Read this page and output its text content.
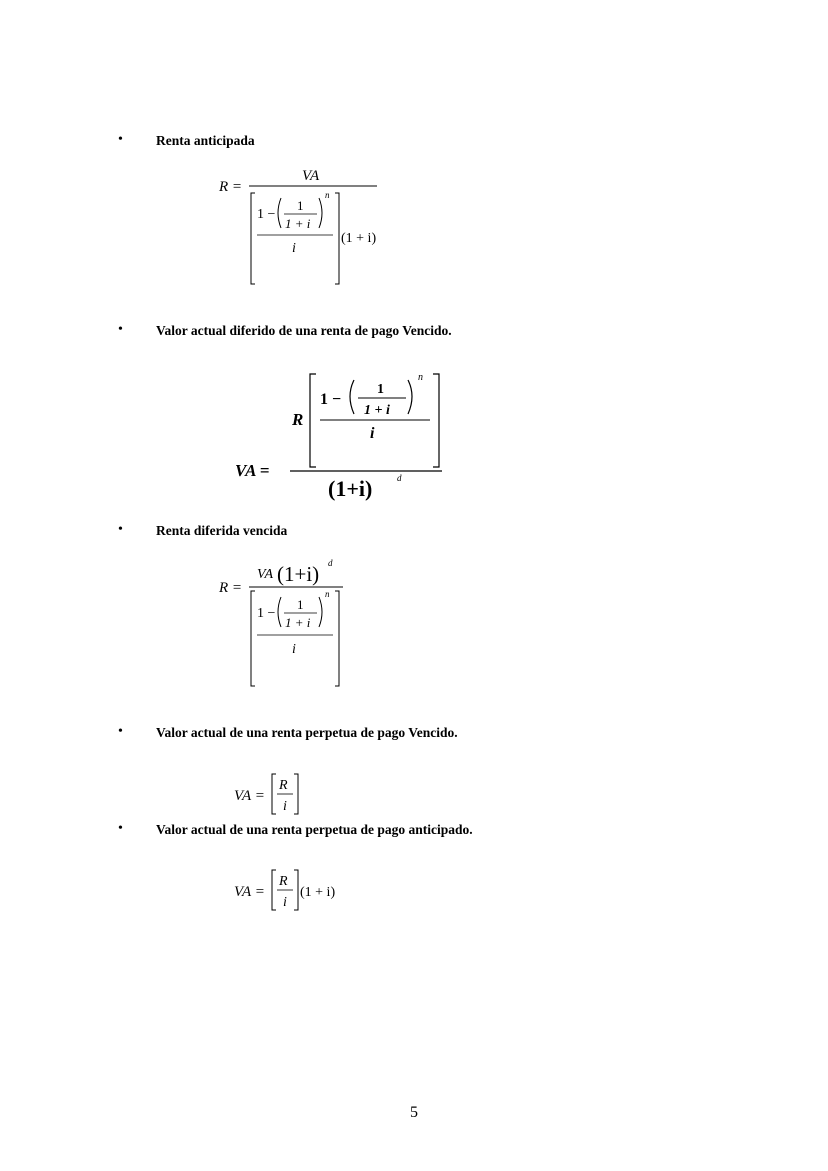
• Renta anticipada
R =
VA
1 −
1
1 + i
n
i
(1 + i)
• Valor actual diferido de una renta de pago Vencido.
R
1 −
1
1 + i
n
i
VA =
(1+i)	d
• Renta diferida vencida
R =
VA (1+i) d
1 −
1
1 + i
n
i
• Valor actual de una renta perpetua de pago Vencido.
VA =
R
i
• Valor actual de una renta perpetua de pago anticipado.
VA =
R
i
(1 + i)
5
